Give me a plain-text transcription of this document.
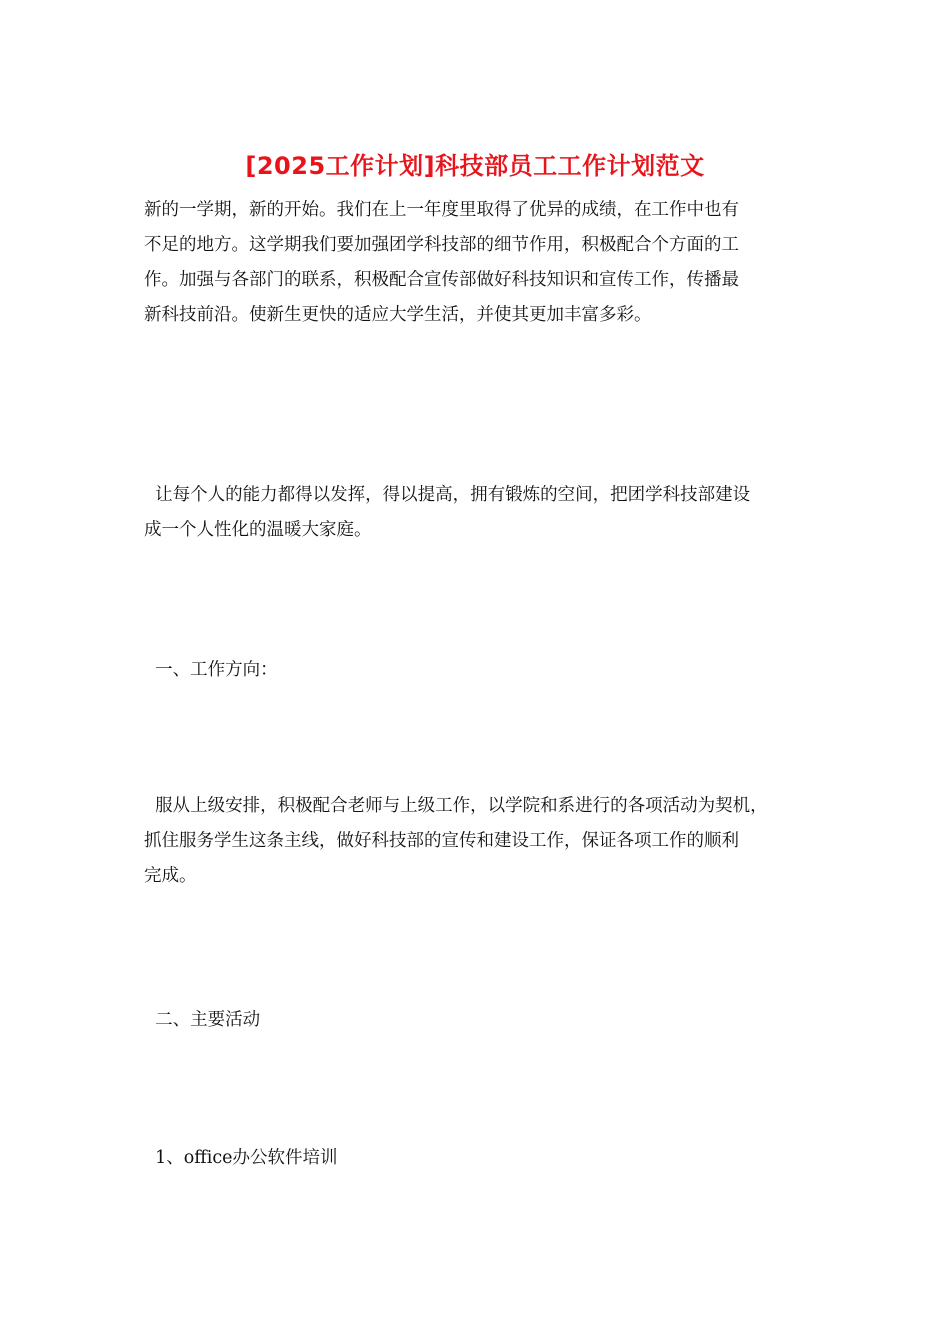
[2025工作计划]科技部员工工作计划范文
新的一学期，新的开始。我们在上一年度里取得了优异的成绩，在工作中也有
不足的地方。这学期我们要加强团学科技部的细节作用，积极配合个方面的工
作。加强与各部门的联系，积极配合宣传部做好科技知识和宣传工作，传播最
新科技前沿。使新生更快的适应大学生活，并使其更加丰富多彩。
让每个人的能力都得以发挥，得以提高，拥有锻炼的空间，把团学科技部建设
成一个人性化的温暖大家庭。
一、工作方向：
服从上级安排，积极配合老师与上级工作，以学院和系进行的各项活动为契机，
抓住服务学生这条主线，做好科技部的宣传和建设工作，保证各项工作的顺利
完成。
二、主要活动
1、office办公软件培训
